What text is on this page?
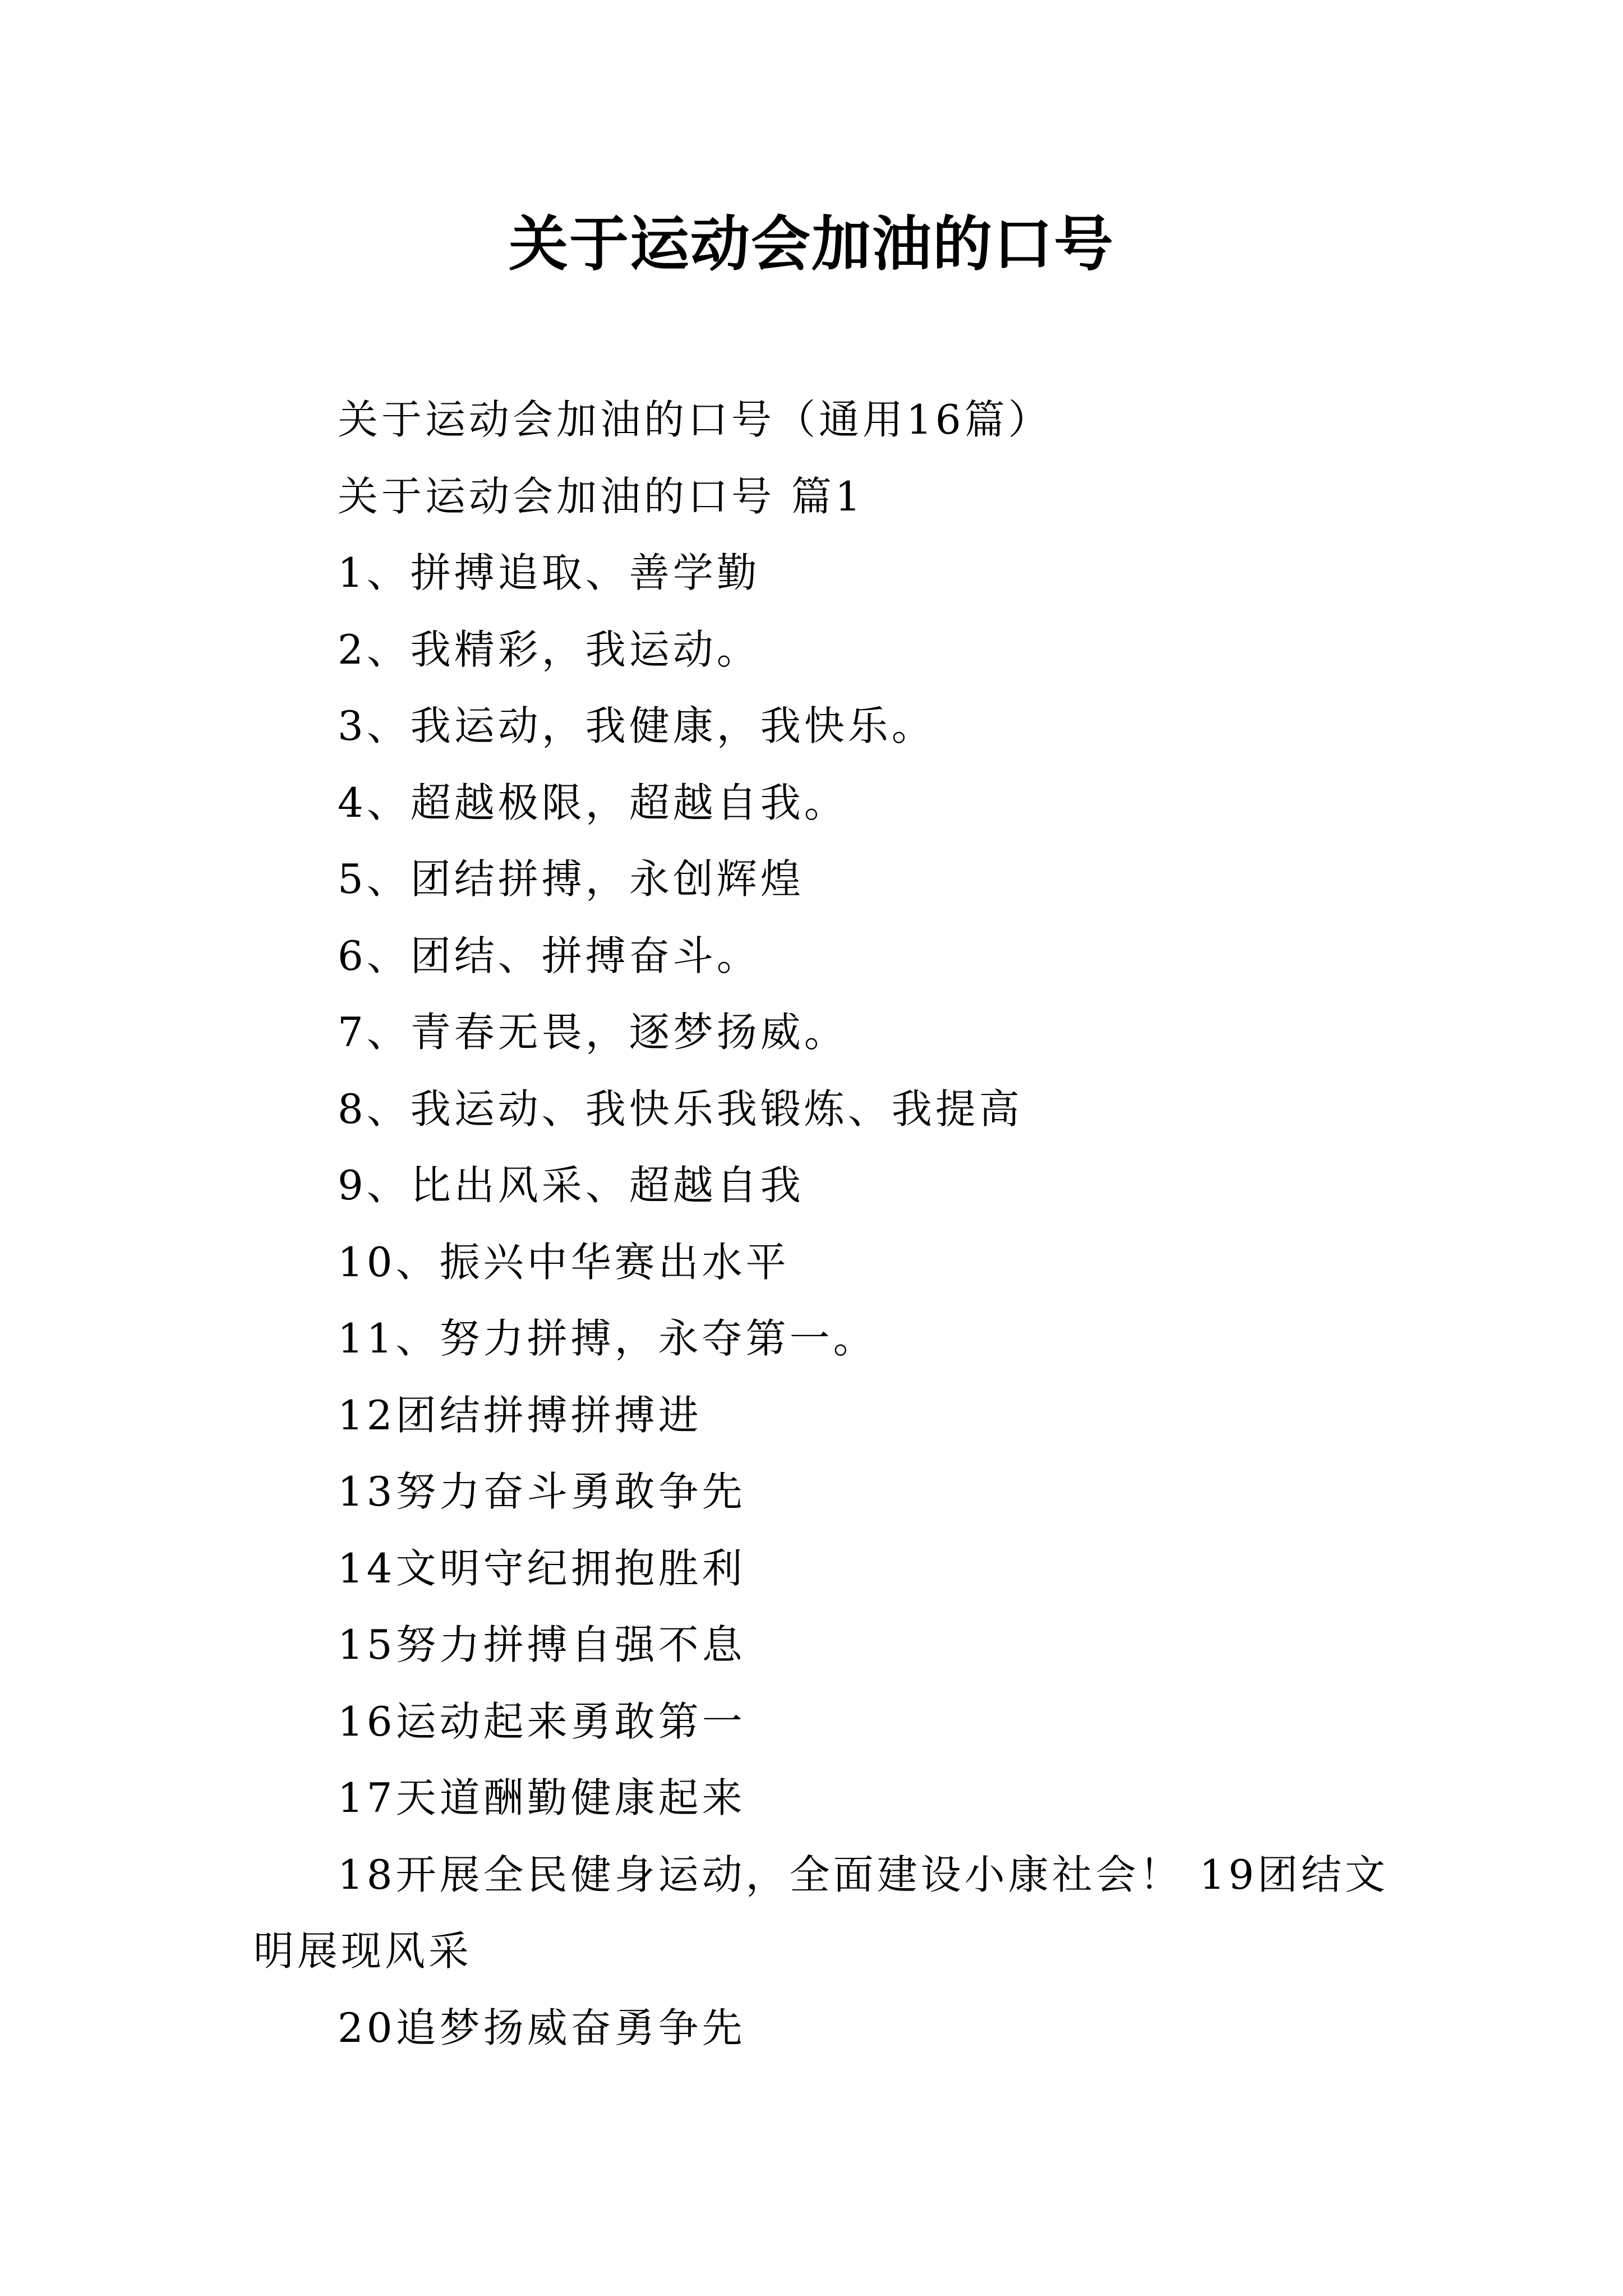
关于运动会加油的口号

关于运动会加油的口号（通用16篇）

关于运动会加油的口号 篇1

1、拼搏追取、善学勤

2、我精彩，我运动。

3、我运动，我健康，我快乐。

4、超越极限，超越自我。

5、团结拼搏，永创辉煌

6、团结、拼搏奋斗。

7、青春无畏，逐梦扬威。

8、我运动、我快乐我锻炼、我提高

9、比出风采、超越自我

10、振兴中华赛出水平

11、努力拼搏，永夺第一。

12团结拼搏拼搏进

13努力奋斗勇敢争先

14文明守纪拥抱胜利

15努力拼搏自强不息

16运动起来勇敢第一

17天道酬勤健康起来

18开展全民健身运动，全面建设小康社会！ 19团结文明展现风采

20追梦扬威奋勇争先
